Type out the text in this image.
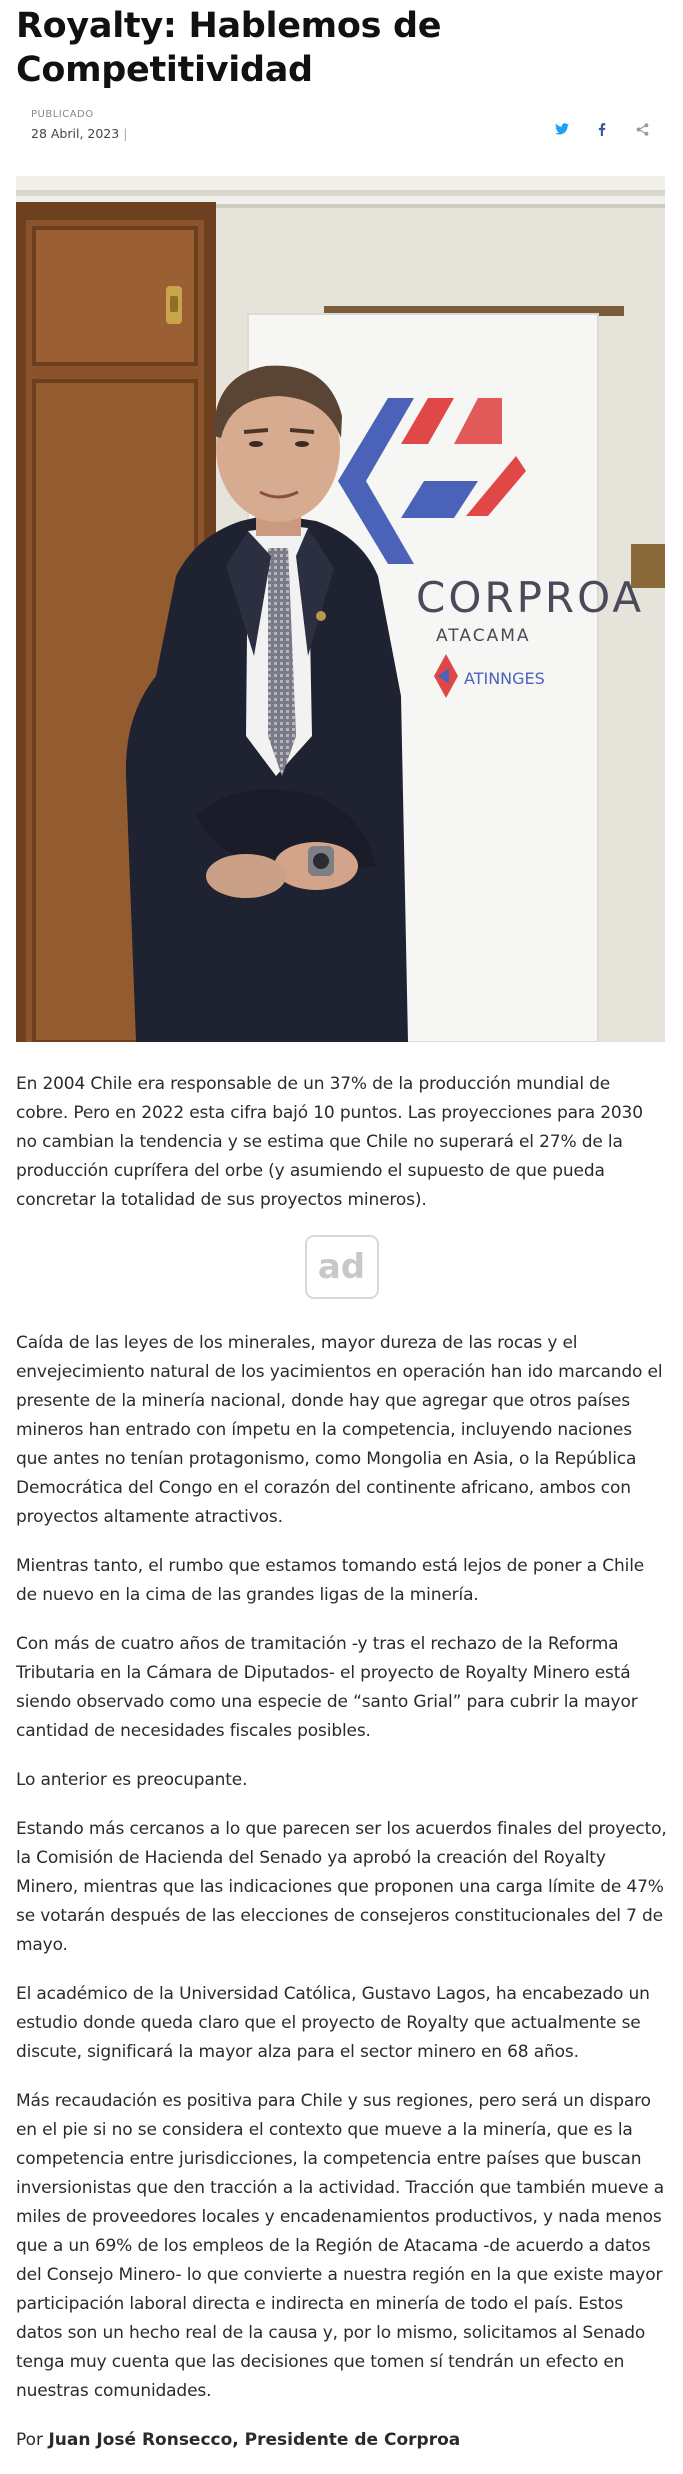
Royalty: Hablemos de Competitividad
PUBLICADO
28 Abril, 2023 |
CORPROA
ATACAMA
ATINNGES

En 2004 Chile era responsable de un 37% de la producción mundial de cobre. Pero en 2022 esta cifra bajó 10 puntos. Las proyecciones para 2030 no cambian la tendencia y se estima que Chile no superará el 27% de la producción cuprífera del orbe (y asumiendo el supuesto de que pueda concretar la totalidad de sus proyectos mineros).

ad

Caída de las leyes de los minerales, mayor dureza de las rocas y el envejecimiento natural de los yacimientos en operación han ido marcando el presente de la minería nacional, donde hay que agregar que otros países mineros han entrado con ímpetu en la competencia, incluyendo naciones que antes no tenían protagonismo, como Mongolia en Asia, o la República Democrática del Congo en el corazón del continente africano, ambos con proyectos altamente atractivos.

Mientras tanto, el rumbo que estamos tomando está lejos de poner a Chile de nuevo en la cima de las grandes ligas de la minería.

Con más de cuatro años de tramitación -y tras el rechazo de la Reforma Tributaria en la Cámara de Diputados- el proyecto de Royalty Minero está siendo observado como una especie de “santo Grial” para cubrir la mayor cantidad de necesidades fiscales posibles.

Lo anterior es preocupante.

Estando más cercanos a lo que parecen ser los acuerdos finales del proyecto, la Comisión de Hacienda del Senado ya aprobó la creación del Royalty Minero, mientras que las indicaciones que proponen una carga límite de 47% se votarán después de las elecciones de consejeros constitucionales del 7 de mayo.

El académico de la Universidad Católica, Gustavo Lagos, ha encabezado un estudio donde queda claro que el proyecto de Royalty que actualmente se discute, significará la mayor alza para el sector minero en 68 años.

Más recaudación es positiva para Chile y sus regiones, pero será un disparo en el pie si no se considera el contexto que mueve a la minería, que es la competencia entre jurisdicciones, la competencia entre países que buscan inversionistas que den tracción a la actividad. Tracción que también mueve a miles de proveedores locales y encadenamientos productivos, y nada menos que a un 69% de los empleos de la Región de Atacama -de acuerdo a datos del Consejo Minero- lo que convierte a nuestra región en la que existe mayor participación laboral directa e indirecta en minería de todo el país. Estos datos son un hecho real de la causa y, por lo mismo, solicitamos al Senado tenga muy cuenta que las decisiones que tomen sí tendrán un efecto en nuestras comunidades.

Por Juan José Ronsecco, Presidente de Corproa
